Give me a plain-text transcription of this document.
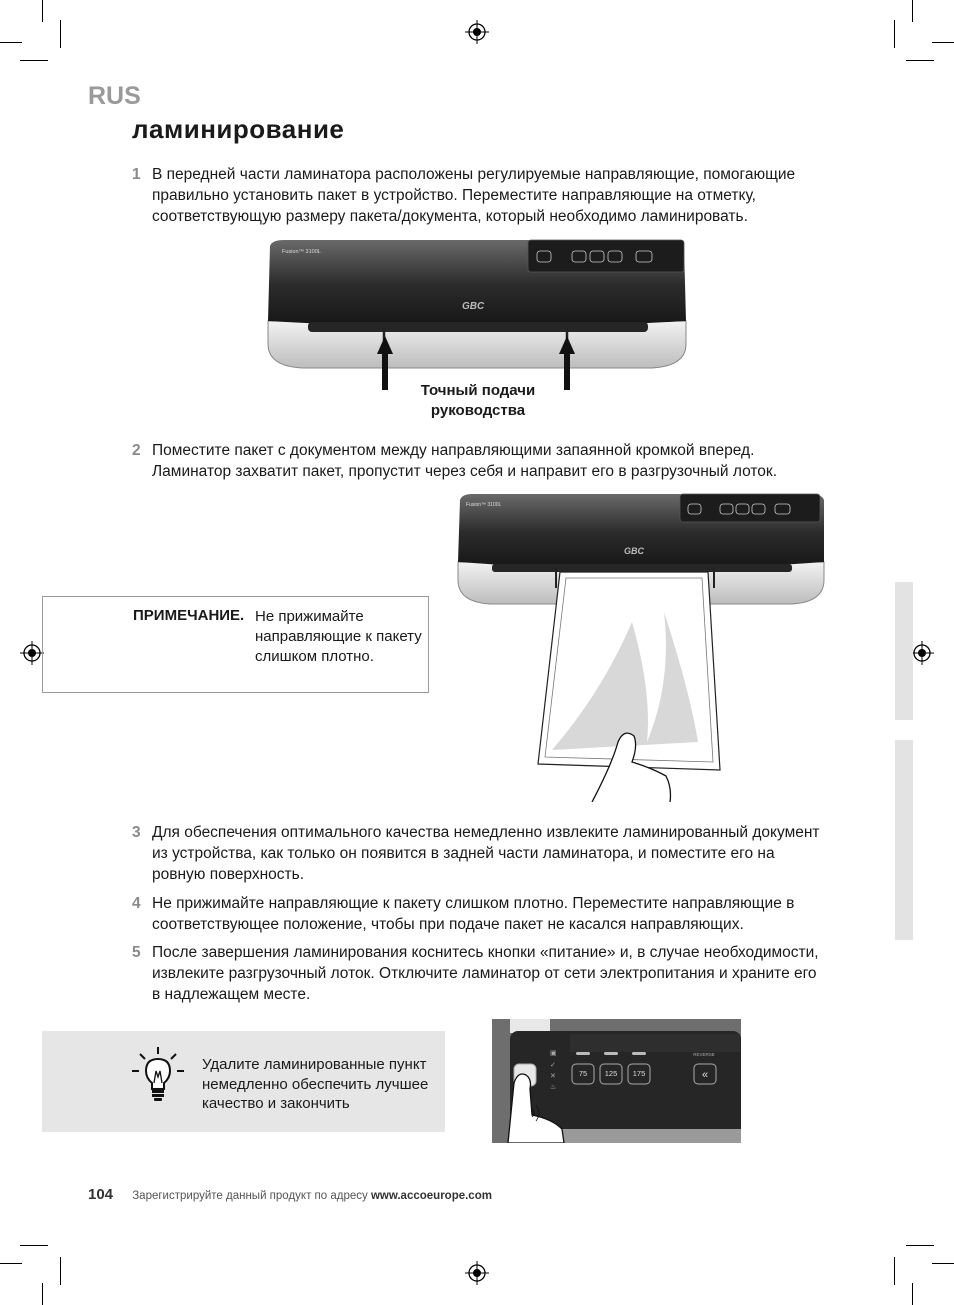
RUS
ламинирование
1 В передней части ламинатора расположены регулируемые направляющие, помогающие правильно установить пакет в устройство. Переместите направляющие на отметку, соответствующую размеру пакета/документа, который необходимо ламинировать.
Fusion™ 3100L
GBC
Точный подачи
руководства
2 Поместите пакет с документом между направляющими запаянной кромкой вперед. Ламинатор захватит пакет, пропустит через себя и направит его в разгрузочный лоток.
Fusion™ 3100L
GBC
ПРИМЕЧАНИЕ. Не прижимайте направляющие к пакету слишком плотно.
3 Для обеспечения оптимального качества немедленно извлеките ламинированный документ из устройства, как только он появится в задней части ламинатора, и поместите его на ровную поверхность.
4 Не прижимайте направляющие к пакету слишком плотно. Переместите направляющие в соответствующее положение, чтобы при подаче пакет не касался направляющих.
5 После завершения ламинирования коснитесь кнопки «питание» и, в случае необходимости, извлеките разгрузочный лоток. Отключите ламинатор от сети электропитания и храните его в надлежащем месте.
Удалите ламинированные пункт немедленно обеспечить лучшее качество и закончить
▣
✓
✕
♨
75 125 175
REVERSE
«
104 Зарегистрируйте данный продукт по адресу www.accoeurope.com
